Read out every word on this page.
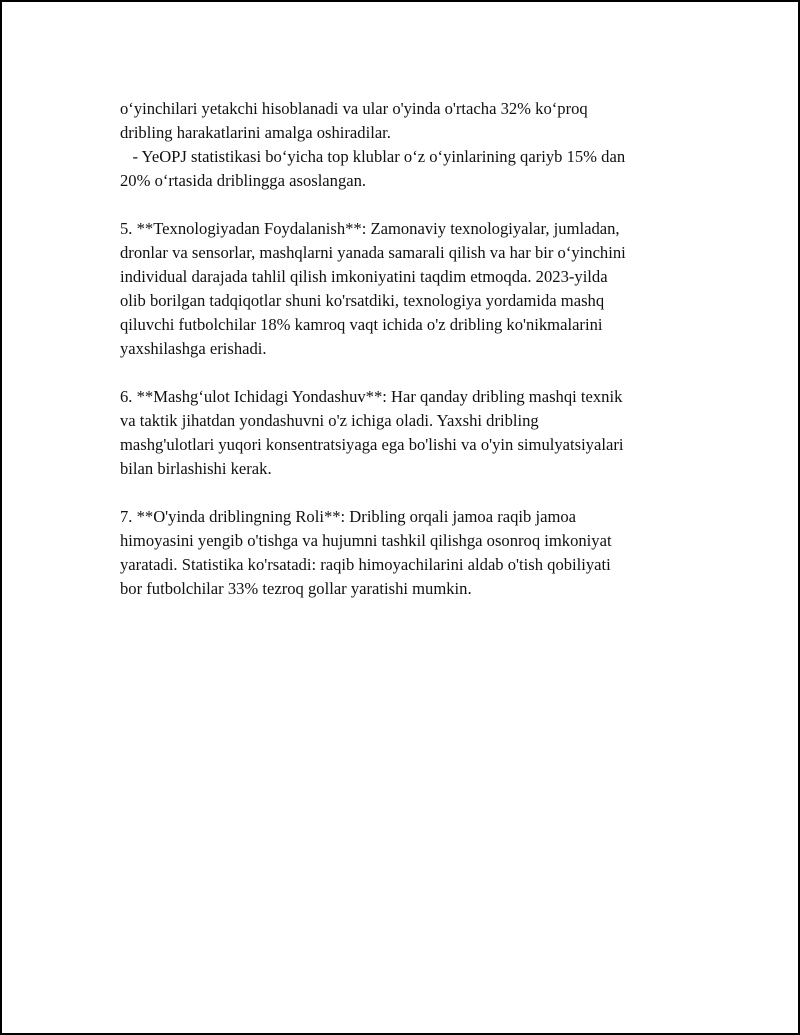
o‘yinchilari yetakchi hisoblanadi va ular o'yinda o'rtacha 32% ko‘proq
dribling harakatlarini amalga oshiradilar.
- YeOPJ statistikasi bo‘yicha top klublar o‘z o‘yinlarining qariyb 15% dan
20% o‘rtasida driblingga asoslangan.
5. **Texnologiyadan Foydalanish**: Zamonaviy texnologiyalar, jumladan,
dronlar va sensorlar, mashqlarni yanada samarali qilish va har bir o‘yinchini
individual darajada tahlil qilish imkoniyatini taqdim etmoqda. 2023-yilda
olib borilgan tadqiqotlar shuni ko'rsatdiki, texnologiya yordamida mashq
qiluvchi futbolchilar 18% kamroq vaqt ichida o'z dribling ko'nikmalarini
yaxshilashga erishadi.
6. **Mashg‘ulot Ichidagi Yondashuv**: Har qanday dribling mashqi texnik
va taktik jihatdan yondashuvni o'z ichiga oladi. Yaxshi dribling
mashg'ulotlari yuqori konsentratsiyaga ega bo'lishi va o'yin simulyatsiyalari
bilan birlashishi kerak.
7. **O'yinda driblingning Roli**: Dribling orqali jamoa raqib jamoa
himoyasini yengib o'tishga va hujumni tashkil qilishga osonroq imkoniyat
yaratadi. Statistika ko'rsatadi: raqib himoyachilarini aldab o'tish qobiliyati
bor futbolchilar 33% tezroq gollar yaratishi mumkin.
